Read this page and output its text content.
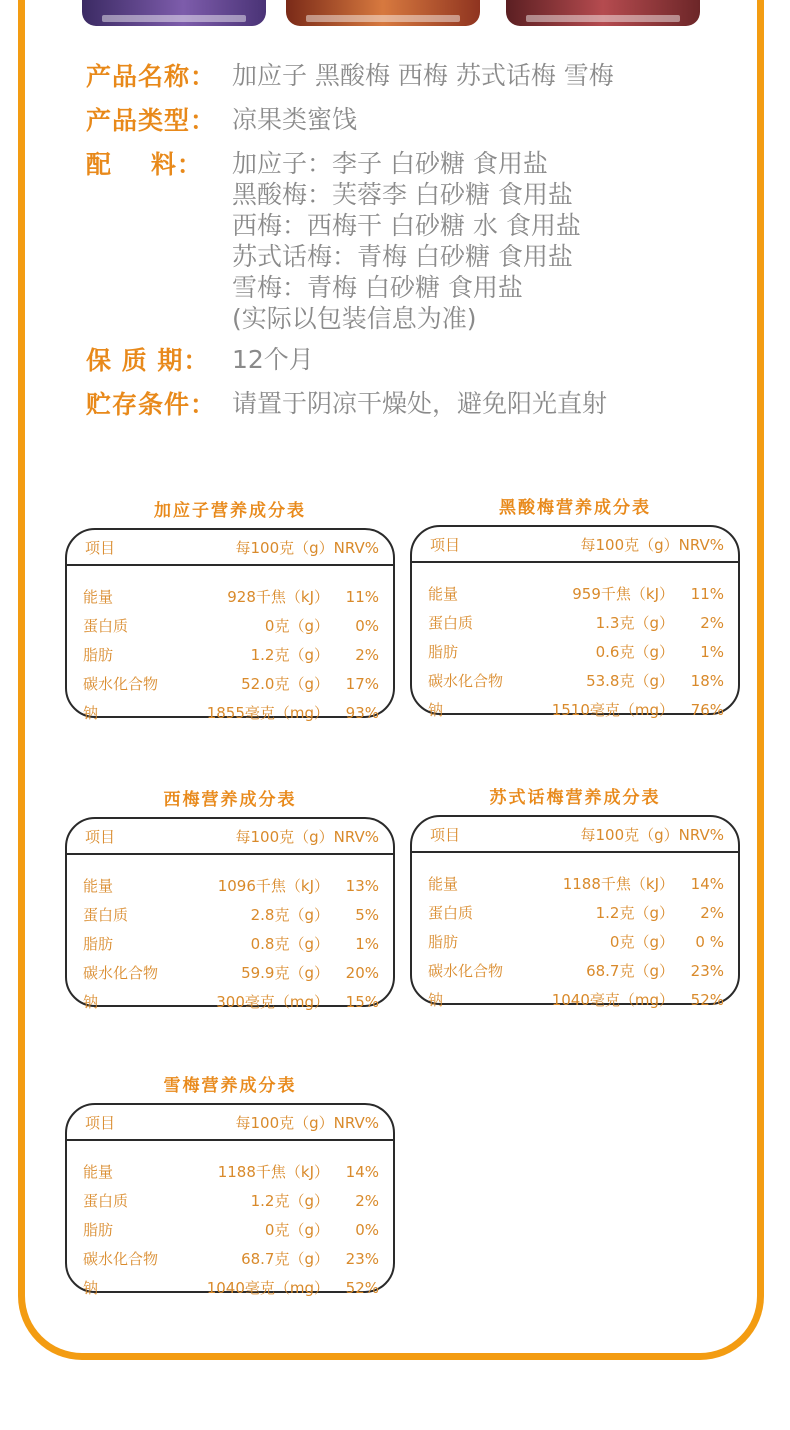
产品名称： 加应子 黑酸梅 西梅 苏式话梅 雪梅
产品类型： 凉果类蜜饯
配    料：	加应子：李子 白砂糖 食用盐
黑酸梅：芙蓉李 白砂糖 食用盐
西梅：西梅干 白砂糖 水 食用盐
苏式话梅：青梅 白砂糖 食用盐
雪梅：青梅 白砂糖 食用盐
(实际以包装信息为准)
保 质 期： 12个月
贮存条件： 请置于阴凉干燥处，避免阳光直射
加应子营养成分表
项目	每100克（g）NRV%
能量	928千焦（kJ）	11%
蛋白质	0克（g）	0%
脂肪	1.2克（g）	2%
碳水化合物	52.0克（g）	17%
钠	1855毫克（mg）	93%
黑酸梅营养成分表
项目	每100克（g）NRV%
能量	959千焦（kJ）	11%
蛋白质	1.3克（g）	2%
脂肪	0.6克（g）	1%
碳水化合物	53.8克（g）	18%
钠	1510毫克（mg）	76%
西梅营养成分表
项目	每100克（g）NRV%
能量	1096千焦（kJ）	13%
蛋白质	2.8克（g）	5%
脂肪	0.8克（g）	1%
碳水化合物	59.9克（g）	20%
钠	300毫克（mg）	15%
苏式话梅营养成分表
项目	每100克（g）NRV%
能量	1188千焦（kJ）	14%
蛋白质	1.2克（g）	2%
脂肪	0克（g）	0 %
碳水化合物	68.7克（g）	23%
钠	1040毫克（mg）	52%
雪梅营养成分表
项目	每100克（g）NRV%
能量	1188千焦（kJ）	14%
蛋白质	1.2克（g）	2%
脂肪	0克（g）	0%
碳水化合物	68.7克（g）	23%
钠	1040毫克（mg）	52%
